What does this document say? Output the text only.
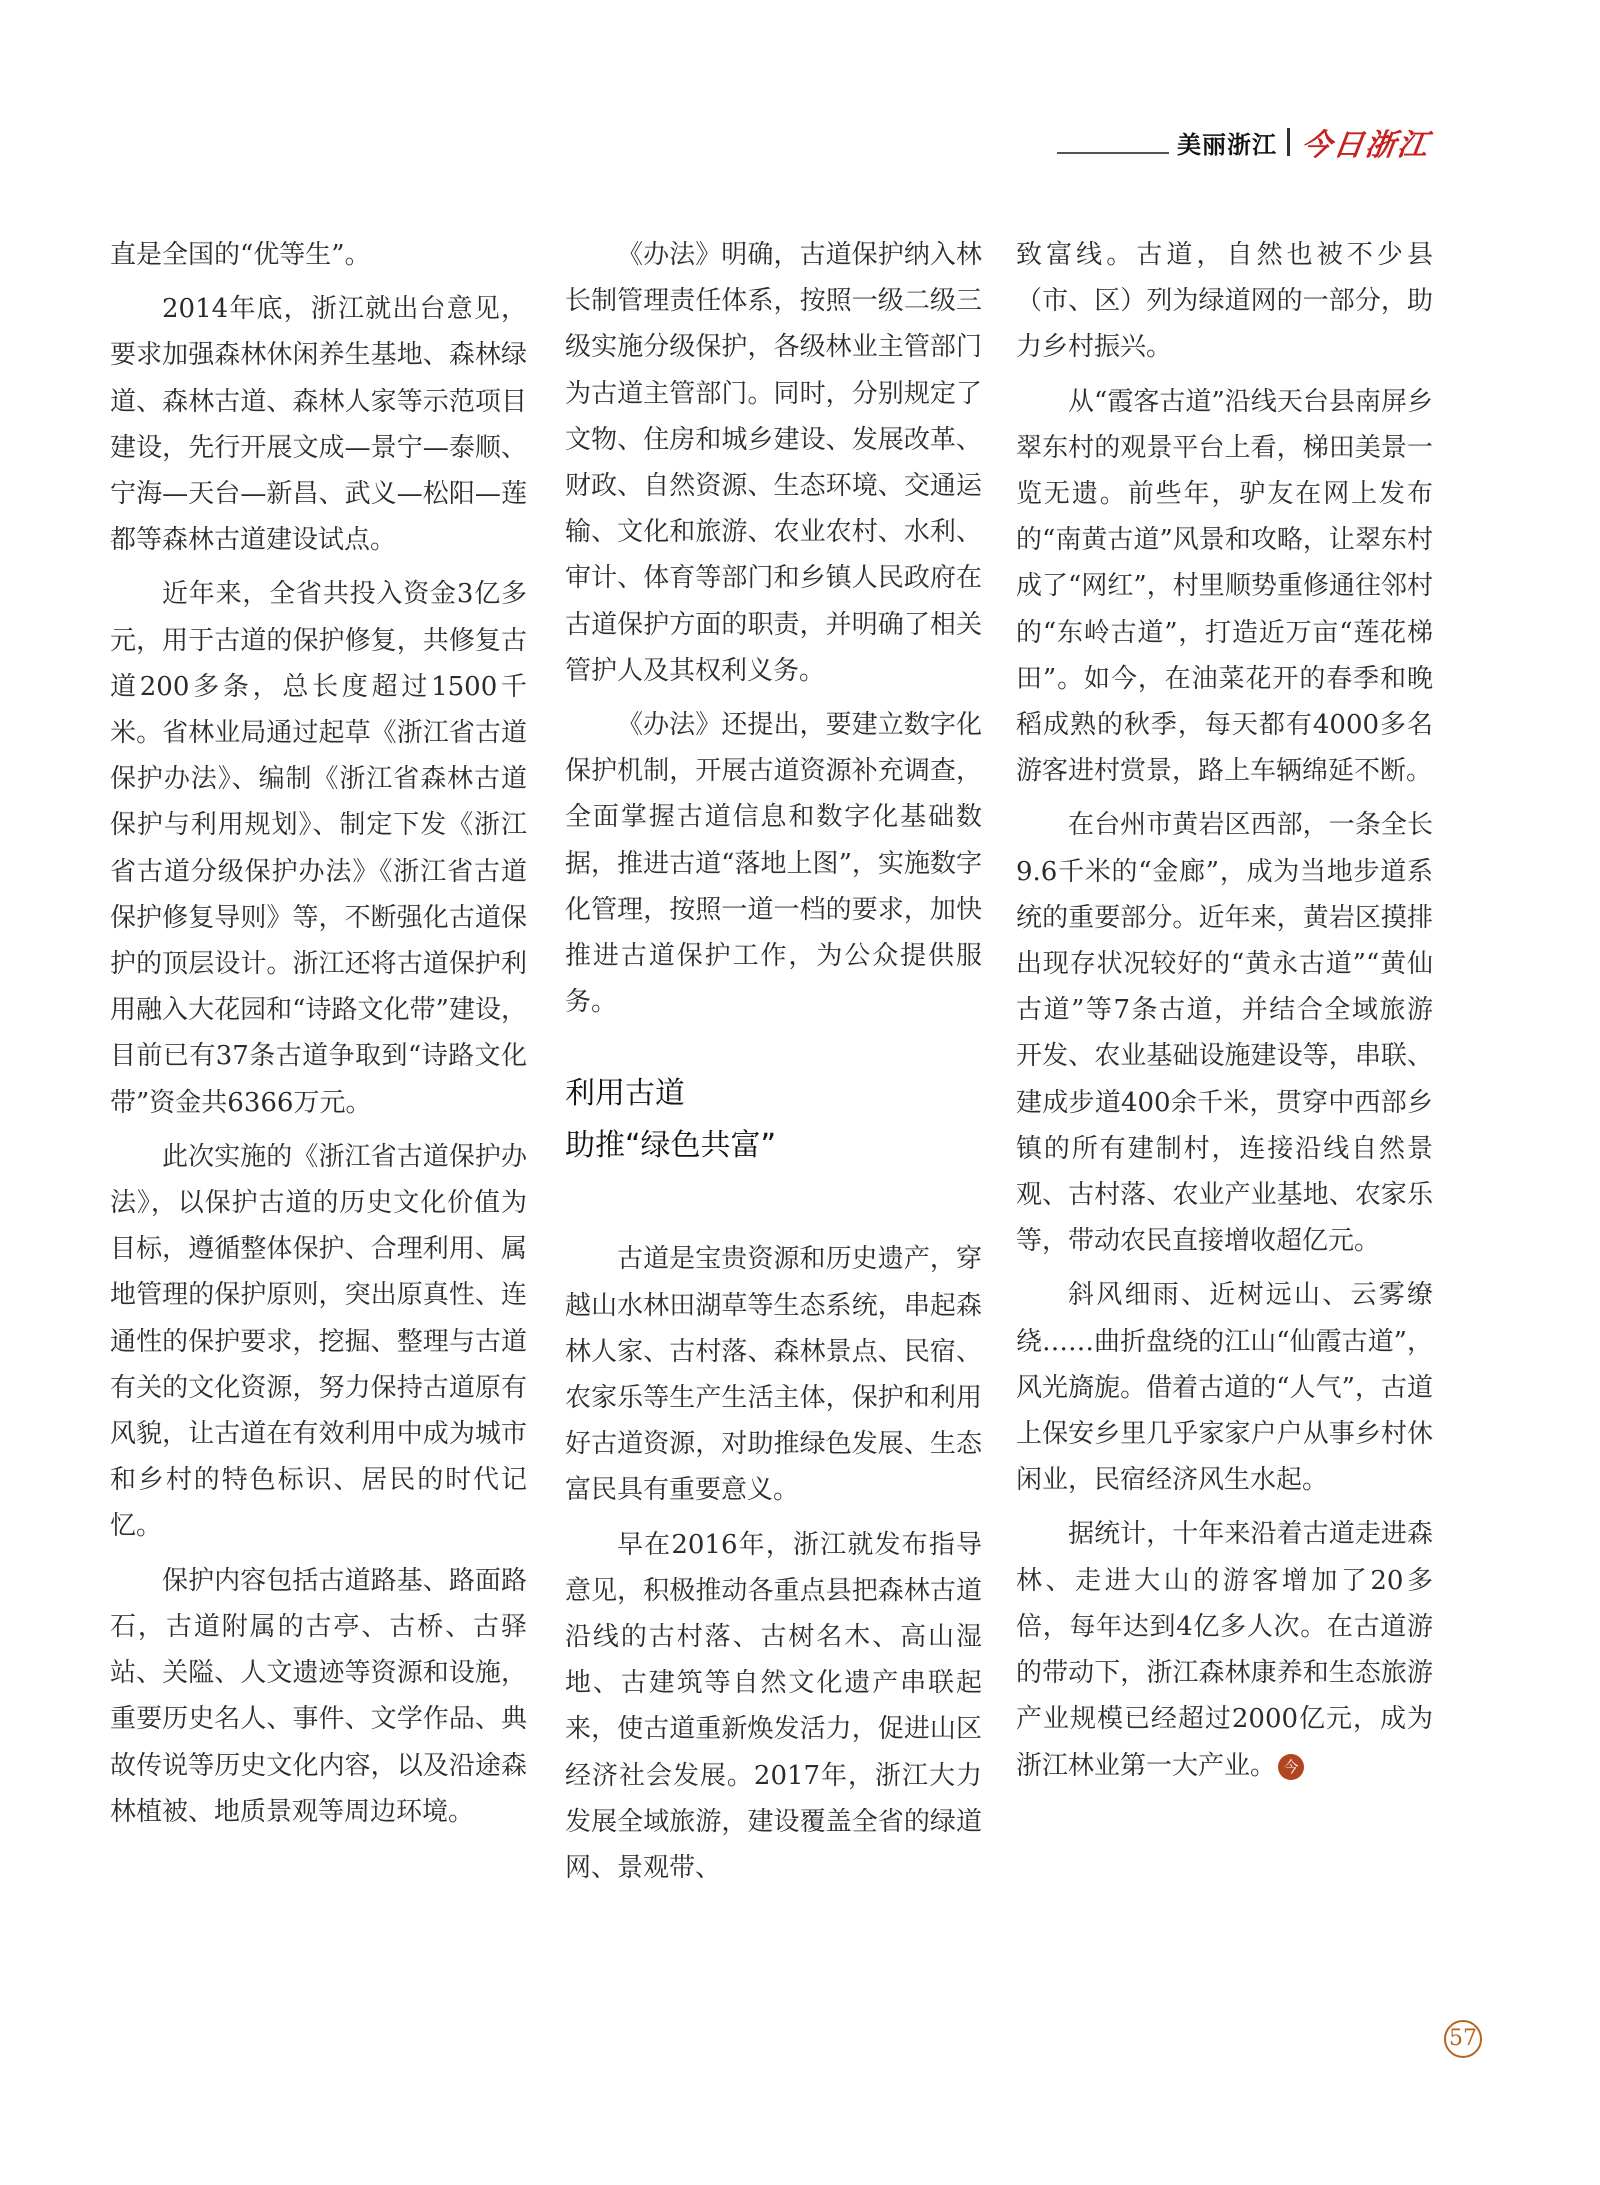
美丽浙江 今日浙江

直是全国的“优等生”。

2014年底，浙江就出台意见，要求加强森林休闲养生基地、森林绿道、森林古道、森林人家等示范项目建设，先行开展文成—景宁—泰顺、宁海—天台—新昌、武义—松阳—莲都等森林古道建设试点。

近年来，全省共投入资金3亿多元，用于古道的保护修复，共修复古道200多条，总长度超过1500千米。省林业局通过起草《浙江省古道保护办法》、编制《浙江省森林古道保护与利用规划》、制定下发《浙江省古道分级保护办法》《浙江省古道保护修复导则》等，不断强化古道保护的顶层设计。浙江还将古道保护利用融入大花园和“诗路文化带”建设，目前已有37条古道争取到“诗路文化带”资金共6366万元。

此次实施的《浙江省古道保护办法》，以保护古道的历史文化价值为目标，遵循整体保护、合理利用、属地管理的保护原则，突出原真性、连通性的保护要求，挖掘、整理与古道有关的文化资源，努力保持古道原有风貌，让古道在有效利用中成为城市和乡村的特色标识、居民的时代记忆。

保护内容包括古道路基、路面路石，古道附属的古亭、古桥、古驿站、关隘、人文遗迹等资源和设施，重要历史名人、事件、文学作品、典故传说等历史文化内容，以及沿途森林植被、地质景观等周边环境。

《办法》明确，古道保护纳入林长制管理责任体系，按照一级二级三级实施分级保护，各级林业主管部门为古道主管部门。同时，分别规定了文物、住房和城乡建设、发展改革、财政、自然资源、生态环境、交通运输、文化和旅游、农业农村、水利、审计、体育等部门和乡镇人民政府在古道保护方面的职责，并明确了相关管护人及其权利义务。

《办法》还提出，要建立数字化保护机制，开展古道资源补充调查，全面掌握古道信息和数字化基础数据，推进古道“落地上图”，实施数字化管理，按照一道一档的要求，加快推进古道保护工作，为公众提供服务。

利用古道
助推“绿色共富”

古道是宝贵资源和历史遗产，穿越山水林田湖草等生态系统，串起森林人家、古村落、森林景点、民宿、农家乐等生产生活主体，保护和利用好古道资源，对助推绿色发展、生态富民具有重要意义。

早在2016年，浙江就发布指导意见，积极推动各重点县把森林古道沿线的古村落、古树名木、高山湿地、古建筑等自然文化遗产串联起来，使古道重新焕发活力，促进山区经济社会发展。2017年，浙江大力发展全域旅游，建设覆盖全省的绿道网、景观带、

致富线。古道，自然也被不少县（市、区）列为绿道网的一部分，助力乡村振兴。

从“霞客古道”沿线天台县南屏乡翠东村的观景平台上看，梯田美景一览无遗。前些年，驴友在网上发布的“南黄古道”风景和攻略，让翠东村成了“网红”，村里顺势重修通往邻村的“东岭古道”，打造近万亩“莲花梯田”。如今，在油菜花开的春季和晚稻成熟的秋季，每天都有4000多名游客进村赏景，路上车辆绵延不断。

在台州市黄岩区西部，一条全长9.6千米的“金廊”，成为当地步道系统的重要部分。近年来，黄岩区摸排出现存状况较好的“黄永古道”“黄仙古道”等7条古道，并结合全域旅游开发、农业基础设施建设等，串联、建成步道400余千米，贯穿中西部乡镇的所有建制村，连接沿线自然景观、古村落、农业产业基地、农家乐等，带动农民直接增收超亿元。

斜风细雨、近树远山、云雾缭绕……曲折盘绕的江山“仙霞古道”，风光旖旎。借着古道的“人气”，古道上保安乡里几乎家家户户从事乡村休闲业，民宿经济风生水起。

据统计，十年来沿着古道走进森林、走进大山的游客增加了20多倍，每年达到4亿多人次。在古道游的带动下，浙江森林康养和生态旅游产业规模已经超过2000亿元，成为浙江林业第一大产业。 今

57
